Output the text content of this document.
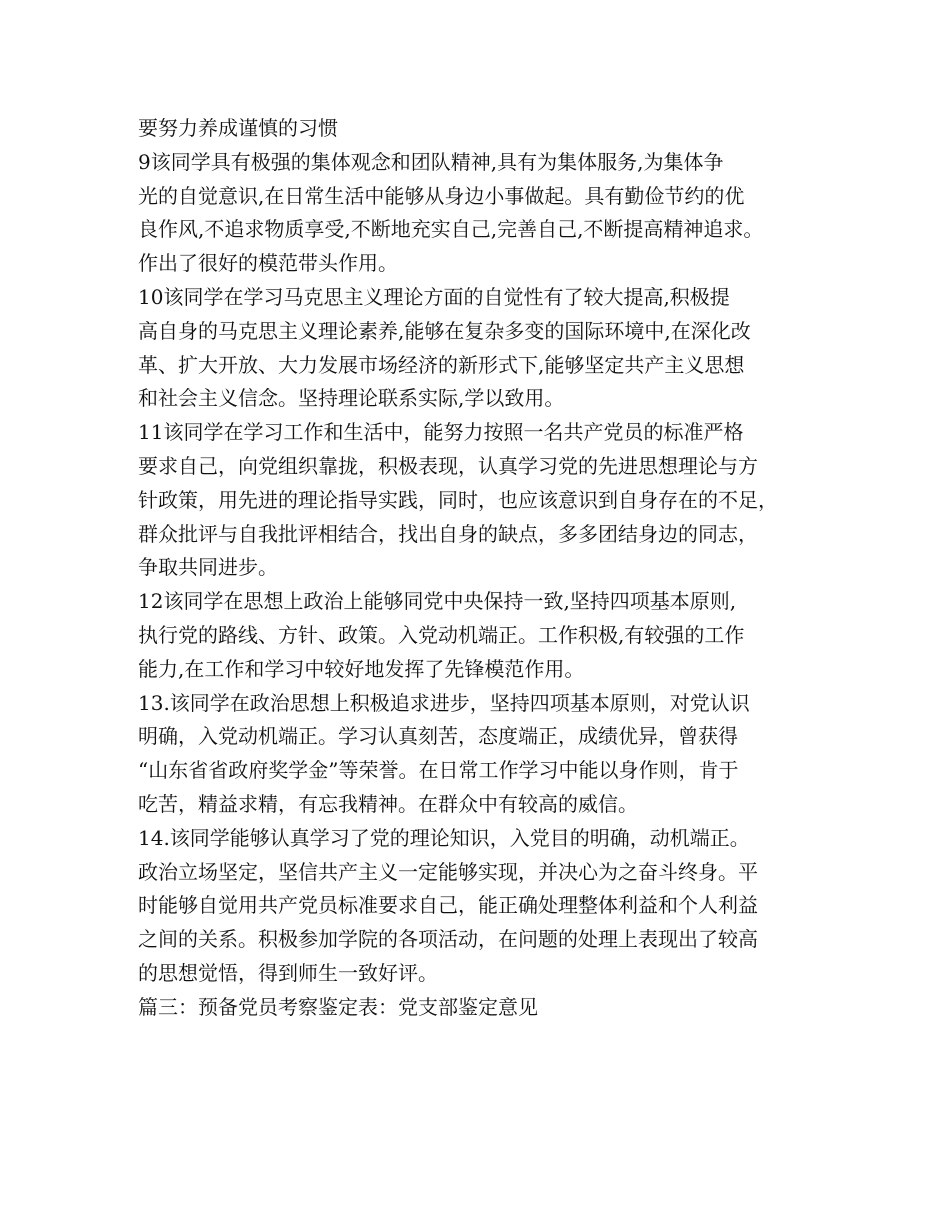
要努力养成谨慎的习惯
9该同学具有极强的集体观念和团队精神,具有为集体服务,为集体争
光的自觉意识,在日常生活中能够从身边小事做起。具有勤俭节约的优
良作风,不追求物质享受,不断地充实自己,完善自己,不断提高精神追求。
作出了很好的模范带头作用。
10该同学在学习马克思主义理论方面的自觉性有了较大提高,积极提
高自身的马克思主义理论素养,能够在复杂多变的国际环境中,在深化改
革、扩大开放、大力发展市场经济的新形式下,能够坚定共产主义思想
和社会主义信念。坚持理论联系实际,学以致用。
11该同学在学习工作和生活中，能努力按照一名共产党员的标准严格
要求自己，向党组织靠拢，积极表现，认真学习党的先进思想理论与方
针政策，用先进的理论指导实践，同时，也应该意识到自身存在的不足，
群众批评与自我批评相结合，找出自身的缺点，多多团结身边的同志，
争取共同进步。
12该同学在思想上政治上能够同党中央保持一致,坚持四项基本原则,
执行党的路线、方针、政策。入党动机端正。工作积极,有较强的工作
能力,在工作和学习中较好地发挥了先锋模范作用。
13.该同学在政治思想上积极追求进步，坚持四项基本原则，对党认识
明确，入党动机端正。学习认真刻苦，态度端正，成绩优异，曾获得
“山东省省政府奖学金”等荣誉。在日常工作学习中能以身作则，肯于
吃苦，精益求精，有忘我精神。在群众中有较高的威信。
14.该同学能够认真学习了党的理论知识，入党目的明确，动机端正。
政治立场坚定，坚信共产主义一定能够实现，并决心为之奋斗终身。平
时能够自觉用共产党员标准要求自己，能正确处理整体利益和个人利益
之间的关系。积极参加学院的各项活动，在问题的处理上表现出了较高
的思想觉悟，得到师生一致好评。
篇三：预备党员考察鉴定表：党支部鉴定意见
